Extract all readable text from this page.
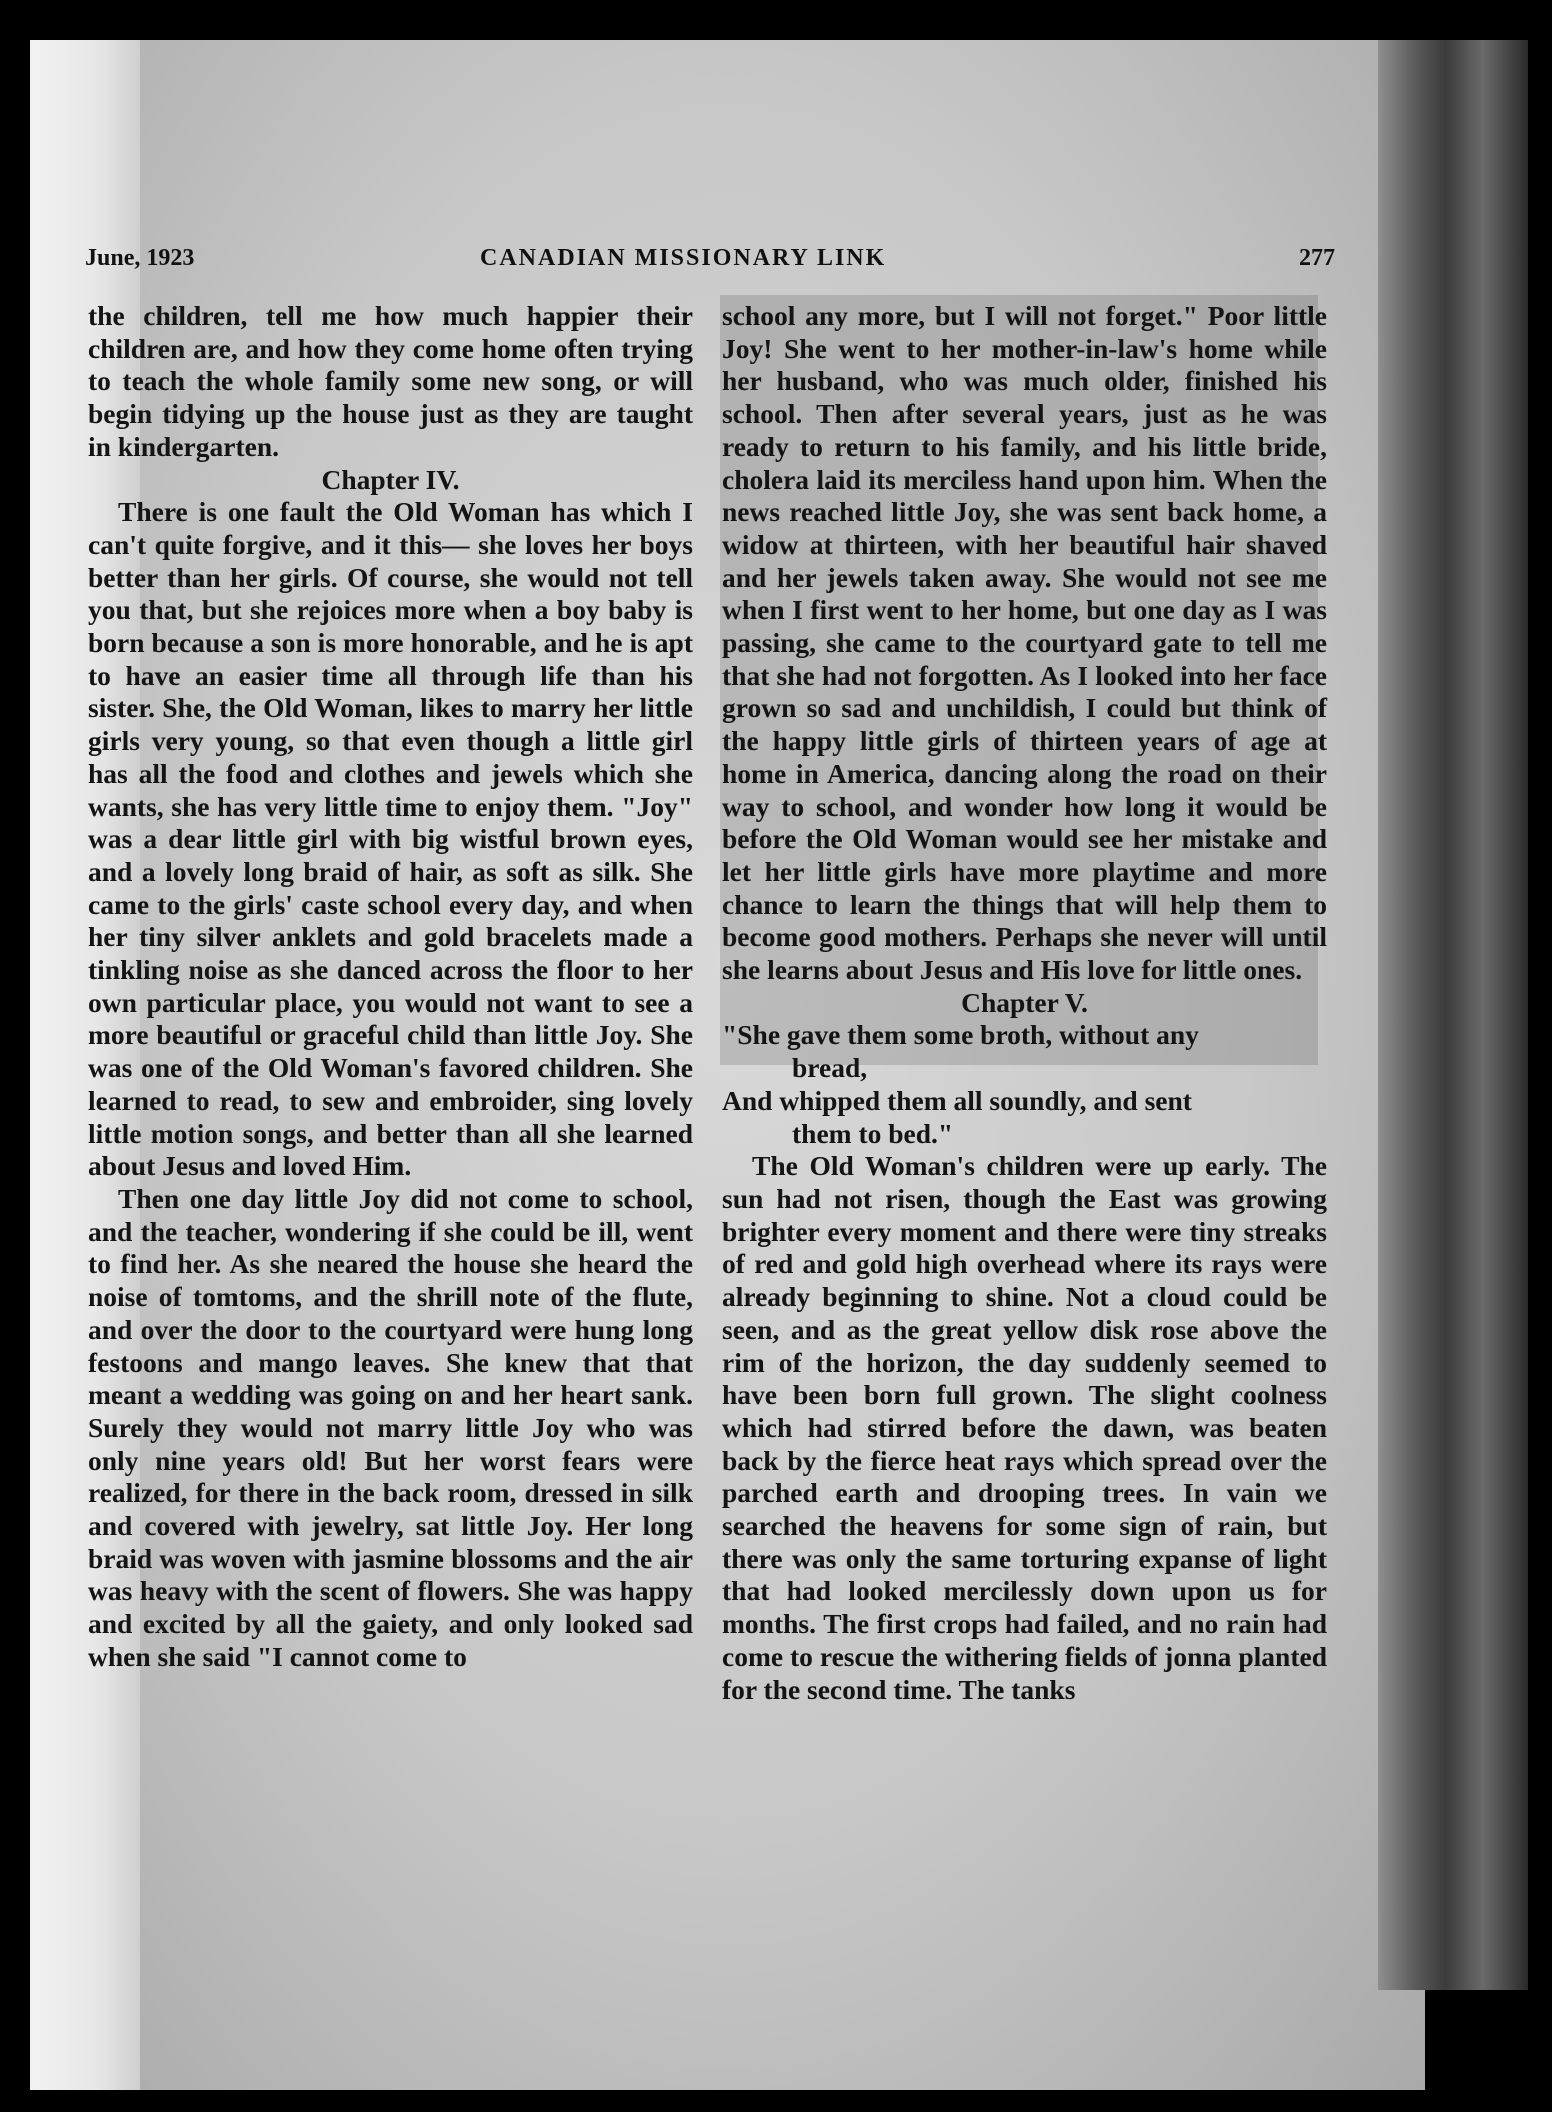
June, 1923	CANADIAN MISSIONARY LINK	277

the children, tell me how much happier their children are, and how they come home often trying to teach the whole family some new song, or will begin tidying up the house just as they are taught in kindergarten.

Chapter IV.

There is one fault the Old Woman has which I can't quite forgive, and it this— she loves her boys better than her girls. Of course, she would not tell you that, but she rejoices more when a boy baby is born because a son is more honorable, and he is apt to have an easier time all through life than his sister. She, the Old Woman, likes to marry her little girls very young, so that even though a little girl has all the food and clothes and jewels which she wants, she has very little time to enjoy them. "Joy" was a dear little girl with big wistful brown eyes, and a lovely long braid of hair, as soft as silk. She came to the girls' caste school every day, and when her tiny silver anklets and gold bracelets made a tinkling noise as she danced across the floor to her own particular place, you would not want to see a more beautiful or graceful child than little Joy. She was one of the Old Woman's favored children. She learned to read, to sew and embroider, sing lovely little motion songs, and better than all she learned about Jesus and loved Him.

Then one day little Joy did not come to school, and the teacher, wondering if she could be ill, went to find her. As she neared the house she heard the noise of tomtoms, and the shrill note of the flute, and over the door to the courtyard were hung long festoons and mango leaves. She knew that that meant a wedding was going on and her heart sank. Surely they would not marry little Joy who was only nine years old! But her worst fears were realized, for there in the back room, dressed in silk and covered with jewelry, sat little Joy. Her long braid was woven with jasmine blossoms and the air was heavy with the scent of flowers. She was happy and excited by all the gaiety, and only looked sad when she said "I cannot come to

school any more, but I will not forget." Poor little Joy! She went to her mother-in-law's home while her husband, who was much older, finished his school. Then after several years, just as he was ready to return to his family, and his little bride, cholera laid its merciless hand upon him. When the news reached little Joy, she was sent back home, a widow at thirteen, with her beautiful hair shaved and her jewels taken away. She would not see me when I first went to her home, but one day as I was passing, she came to the courtyard gate to tell me that she had not forgotten. As I looked into her face grown so sad and unchildish, I could but think of the happy little girls of thirteen years of age at home in America, dancing along the road on their way to school, and wonder how long it would be before the Old Woman would see her mistake and let her little girls have more playtime and more chance to learn the things that will help them to become good mothers. Perhaps she never will until she learns about Jesus and His love for little ones.

Chapter V.

"She gave them some broth, without any
bread,
And whipped them all soundly, and sent
them to bed."

The Old Woman's children were up early. The sun had not risen, though the East was growing brighter every moment and there were tiny streaks of red and gold high overhead where its rays were already beginning to shine. Not a cloud could be seen, and as the great yellow disk rose above the rim of the horizon, the day suddenly seemed to have been born full grown. The slight coolness which had stirred before the dawn, was beaten back by the fierce heat rays which spread over the parched earth and drooping trees. In vain we searched the heavens for some sign of rain, but there was only the same torturing expanse of light that had looked mercilessly down upon us for months. The first crops had failed, and no rain had come to rescue the withering fields of jonna planted for the second time. The tanks
